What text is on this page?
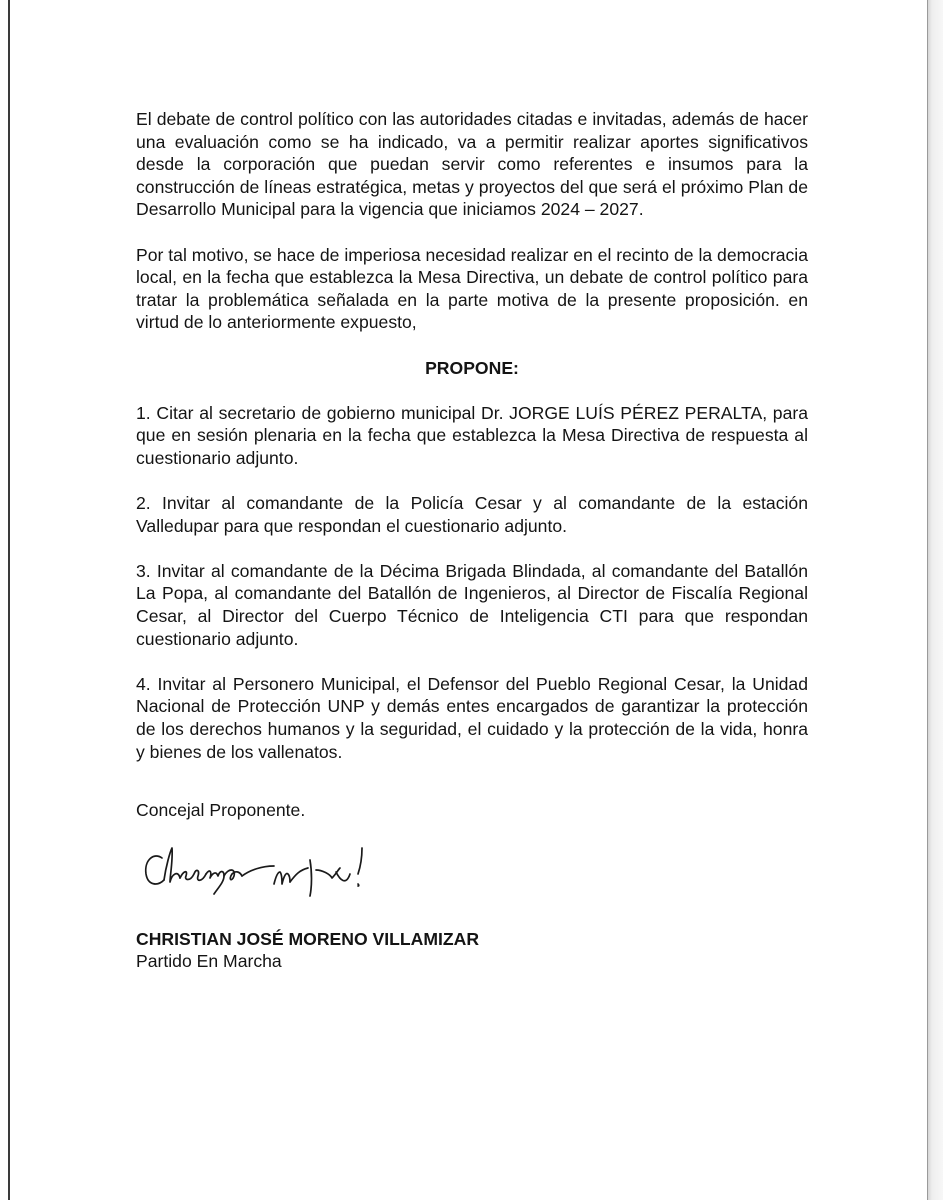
El debate de control político con las autoridades citadas e invitadas, además de hacer una evaluación como se ha indicado, va a permitir realizar aportes significativos desde la corporación que puedan servir como referentes e insumos para la construcción de líneas estratégica, metas y proyectos del que será el próximo Plan de Desarrollo Municipal para la vigencia que iniciamos 2024 – 2027.

Por tal motivo, se hace de imperiosa necesidad realizar en el recinto de la democracia local, en la fecha que establezca la Mesa Directiva, un debate de control político para tratar la problemática señalada en la parte motiva de la presente proposición. en virtud de lo anteriormente expuesto,

PROPONE:

1. Citar al secretario de gobierno municipal Dr. JORGE LUÍS PÉREZ PERALTA, para que en sesión plenaria en la fecha que establezca la Mesa Directiva de respuesta al cuestionario adjunto.

2. Invitar al comandante de la Policía Cesar y al comandante de la estación Valledupar para que respondan el cuestionario adjunto.

3. Invitar al comandante de la Décima Brigada Blindada, al comandante del Batallón La Popa, al comandante del Batallón de Ingenieros, al Director de Fiscalía Regional Cesar, al Director del Cuerpo Técnico de Inteligencia CTI para que respondan cuestionario adjunto.

4. Invitar al Personero Municipal, el Defensor del Pueblo Regional Cesar, la Unidad Nacional de Protección UNP y demás entes encargados de garantizar la protección de los derechos humanos y la seguridad, el cuidado y la protección de la vida, honra y bienes de los vallenatos.

Concejal Proponente.

CHRISTIAN JOSÉ MORENO VILLAMIZAR

Partido En Marcha
